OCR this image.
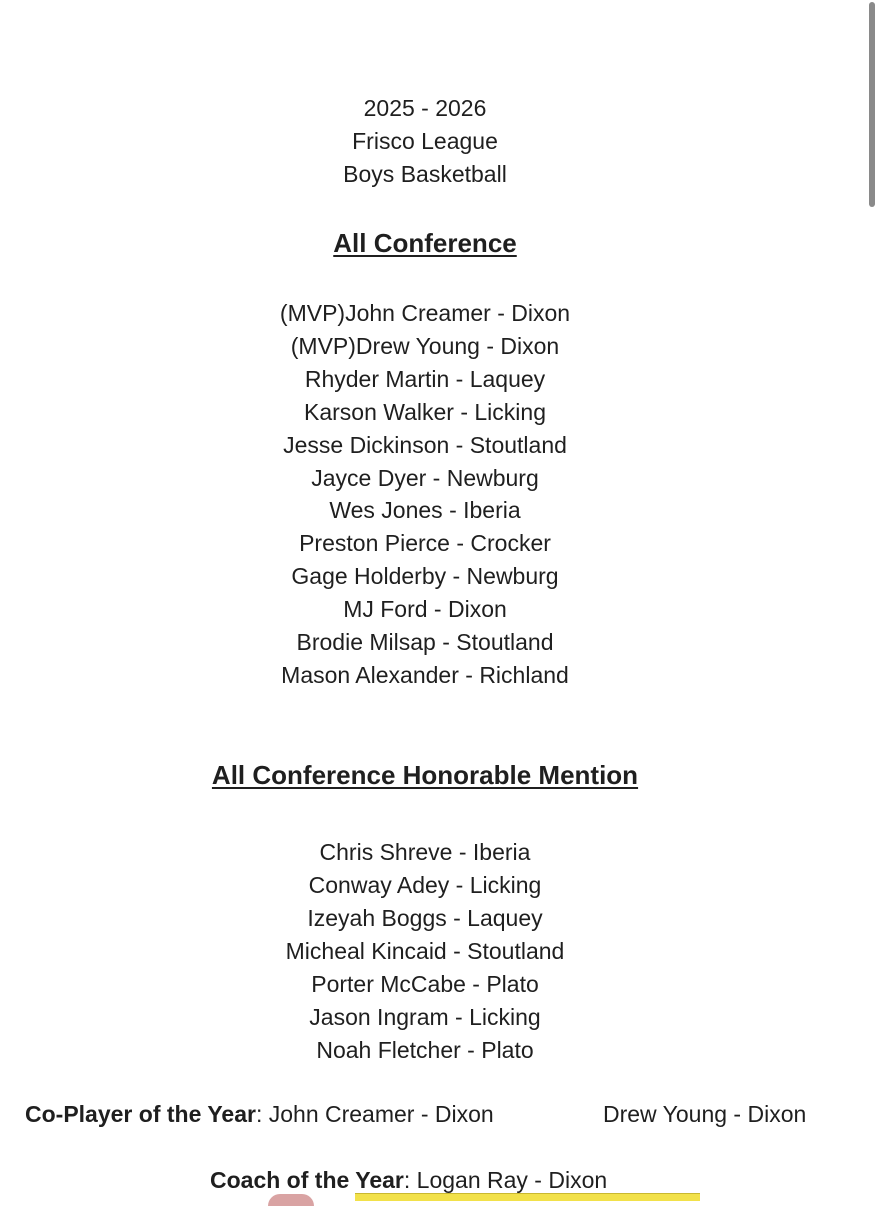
2025 - 2026
Frisco League
Boys Basketball
All Conference
(MVP)John Creamer - Dixon
(MVP)Drew Young - Dixon
Rhyder Martin - Laquey
Karson Walker - Licking
Jesse Dickinson - Stoutland
Jayce Dyer - Newburg
Wes Jones - Iberia
Preston Pierce - Crocker
Gage Holderby - Newburg
MJ Ford - Dixon
Brodie Milsap - Stoutland
Mason Alexander - Richland
All Conference Honorable Mention
Chris Shreve - Iberia
Conway Adey - Licking
Izeyah Boggs - Laquey
Micheal Kincaid - Stoutland
Porter McCabe - Plato
Jason Ingram - Licking
Noah Fletcher - Plato
Co-Player of the Year: John Creamer - Dixon	Drew Young - Dixon
Coach of the Year: Logan Ray - Dixon
